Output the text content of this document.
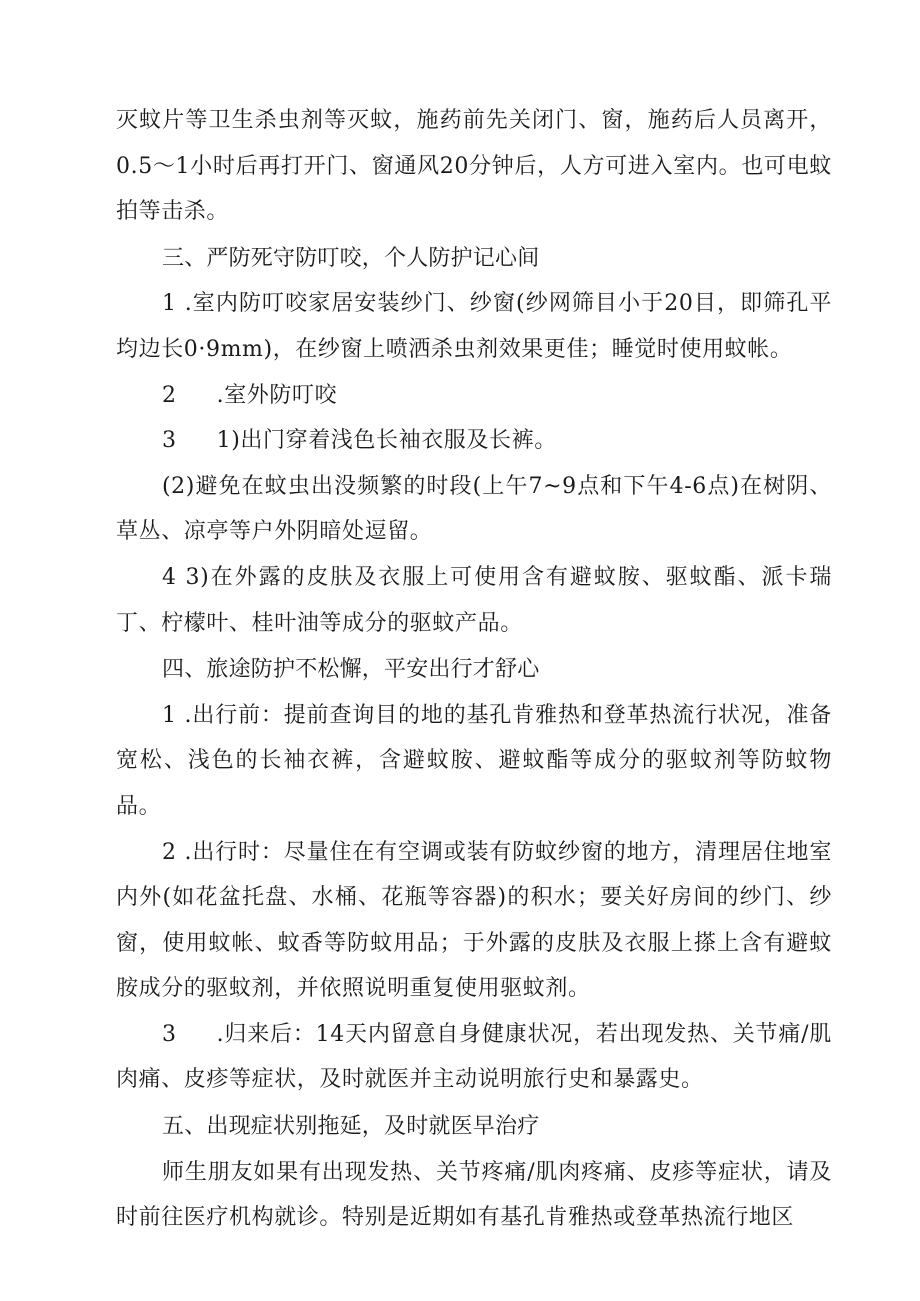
灭蚊片等卫生杀虫剂等灭蚊，施药前先关闭门、窗，施药后人员离开，0.5～1小时后再打开门、窗通风20分钟后，人方可进入室内。也可电蚊拍等击杀。

三、严防死守防叮咬，个人防护记心间

1 .室内防叮咬家居安装纱门、纱窗(纱网筛目小于20目，即筛孔平均边长0·9mm)，在纱窗上喷洒杀虫剂效果更佳；睡觉时使用蚊帐。

2 .室外防叮咬

3 1)出门穿着浅色长袖衣服及长裤。

(2)避免在蚊虫出没频繁的时段(上午7~9点和下午4-6点)在树阴、草丛、凉亭等户外阴暗处逗留。

4 3)在外露的皮肤及衣服上可使用含有避蚊胺、驱蚊酯、派卡瑞丁、柠檬叶、桂叶油等成分的驱蚊产品。

四、旅途防护不松懈，平安出行才舒心

1 .出行前：提前查询目的地的基孔肯雅热和登革热流行状况，准备宽松、浅色的长袖衣裤，含避蚊胺、避蚊酯等成分的驱蚊剂等防蚊物品。

2 .出行时：尽量住在有空调或装有防蚊纱窗的地方，清理居住地室内外(如花盆托盘、水桶、花瓶等容器)的积水；要关好房间的纱门、纱窗，使用蚊帐、蚊香等防蚊用品；于外露的皮肤及衣服上搽上含有避蚊胺成分的驱蚊剂，并依照说明重复使用驱蚊剂。

3 .归来后：14天内留意自身健康状况，若出现发热、关节痛/肌肉痛、皮疹等症状，及时就医并主动说明旅行史和暴露史。

五、出现症状别拖延，及时就医早治疗

师生朋友如果有出现发热、关节疼痛/肌肉疼痛、皮疹等症状，请及时前往医疗机构就诊。特别是近期如有基孔肯雅热或登革热流行地区
